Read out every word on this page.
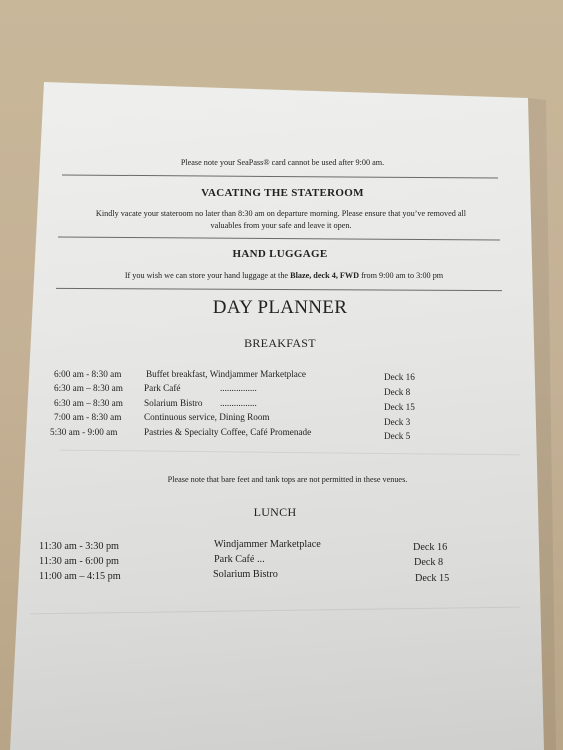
Please note your SeaPass® card cannot be used after 9:00 am.
VACATING THE STATEROOM
Kindly vacate your stateroom no later than 8:30 am on departure morning. Please ensure that you’ve removed all
valuables from your safe and leave it open.
HAND LUGGAGE
If you wish we can store your hand luggage at the Blaze, deck 4, FWD from 9:00 am to 3:00 pm
DAY PLANNER
BREAKFAST
6:00 am - 8:30 am	Buffet breakfast, Windjammer Marketplace	Deck 16
6:30 am – 8:30 am Park Café	................	Deck 8
6:30 am – 8:30 am Solarium Bistro ................	Deck 15
7:00 am - 8:30 am Continuous service, Dining Room	Deck 3
5:30 am - 9:00 am	Pastries & Specialty Coffee, Café Promenade	Deck 5
Please note that bare feet and tank tops are not permitted in these venues.
LUNCH
11:30 am - 3:30 pm	Windjammer Marketplace	Deck 16
11:30 am - 6:00 pm	Park Café ...	Deck 8
11:00 am – 4:15 pm	Solarium Bistro	Deck 15
